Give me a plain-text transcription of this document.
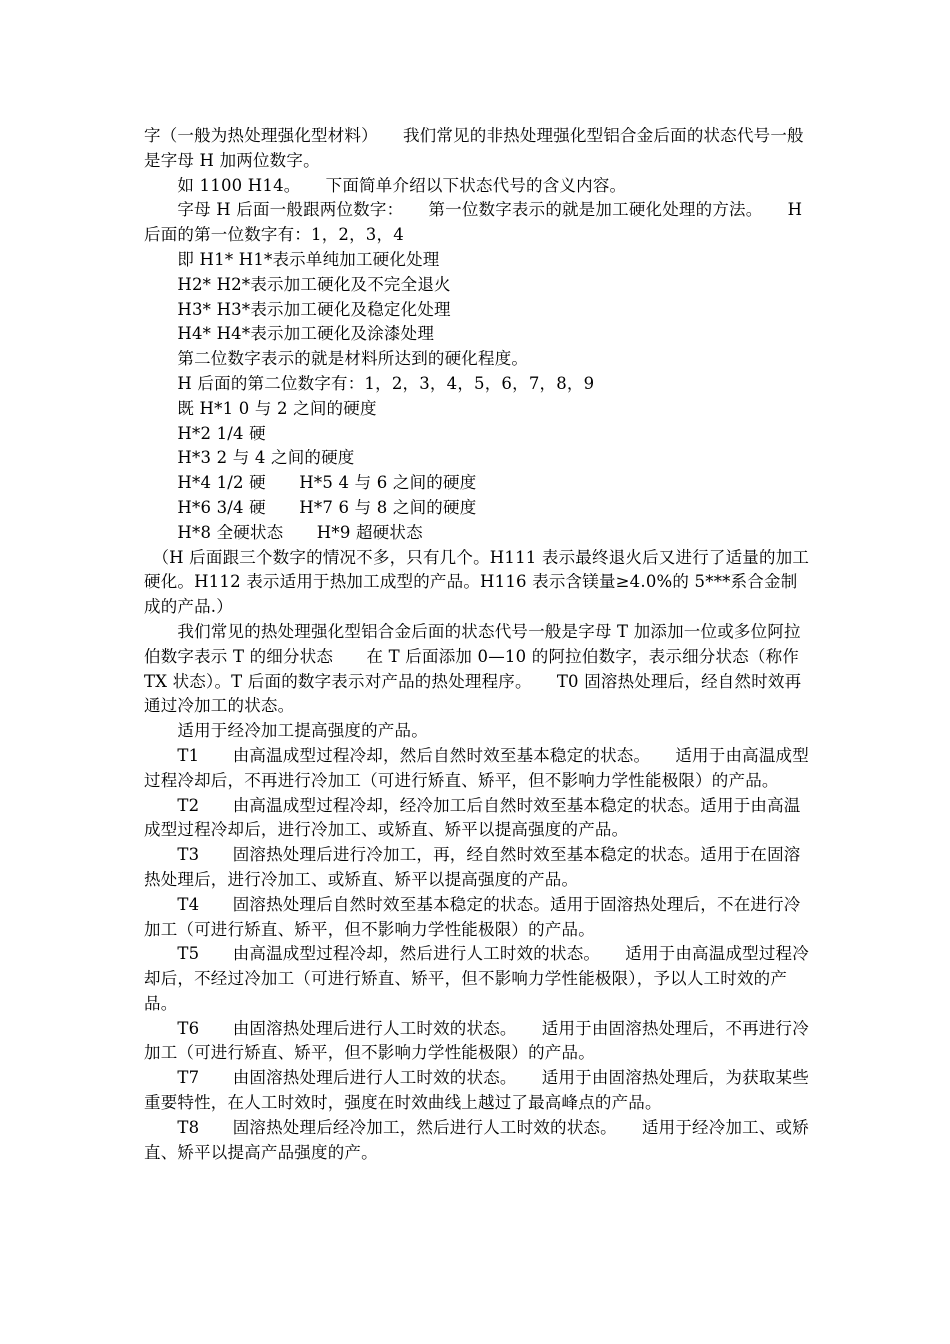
字（一般为热处理强化型材料）　　我们常见的非热处理强化型铝合金后面的状态代号一般是字母 H 加两位数字。

　　如 1100 H14。　　下面简单介绍以下状态代号的含义内容。

　　字母 H 后面一般跟两位数字：　　第一位数字表示的就是加工硬化处理的方法。　　H 后面的第一位数字有：1，2，3，4

　　即 H1* H1*表示单纯加工硬化处理

　　H2* H2*表示加工硬化及不完全退火

　　H3* H3*表示加工硬化及稳定化处理

　　H4* H4*表示加工硬化及涂漆处理

　　第二位数字表示的就是材料所达到的硬化程度。

　　H 后面的第二位数字有：1，2，3，4，5，6，7，8，9

　　既 H*1 0 与 2 之间的硬度

　　H*2 1/4 硬

　　H*3 2 与 4 之间的硬度

　　H*4 1/2 硬　　H*5 4 与 6 之间的硬度

　　H*6 3/4 硬　　H*7 6 与 8 之间的硬度

　　H*8 全硬状态　　H*9 超硬状态

　（H 后面跟三个数字的情况不多，只有几个。H111 表示最终退火后又进行了适量的加工硬化。H112 表示适用于热加工成型的产品。H116 表示含镁量≥4.0%的 5***系合金制成的产品.）

　　我们常见的热处理强化型铝合金后面的状态代号一般是字母 T 加添加一位或多位阿拉伯数字表示 T 的细分状态　　在 T 后面添加 0—10 的阿拉伯数字，表示细分状态（称作 TX 状态）。T 后面的数字表示对产品的热处理程序。　　T0 固溶热处理后，经自然时效再通过冷加工的状态。

　　适用于经冷加工提高强度的产品。

　　T1　　由高温成型过程冷却，然后自然时效至基本稳定的状态。　　适用于由高温成型过程冷却后，不再进行冷加工（可进行矫直、矫平，但不影响力学性能极限）的产品。

　　T2　　由高温成型过程冷却，经冷加工后自然时效至基本稳定的状态。适用于由高温成型过程冷却后，进行冷加工、或矫直、矫平以提高强度的产品。

　　T3　　固溶热处理后进行冷加工，再，经自然时效至基本稳定的状态。适用于在固溶热处理后，进行冷加工、或矫直、矫平以提高强度的产品。

　　T4　　固溶热处理后自然时效至基本稳定的状态。适用于固溶热处理后，不在进行冷加工（可进行矫直、矫平，但不影响力学性能极限）的产品。

　　T5　　由高温成型过程冷却，然后进行人工时效的状态。　　适用于由高温成型过程冷却后，不经过冷加工（可进行矫直、矫平，但不影响力学性能极限），予以人工时效的产品。

　　T6　　由固溶热处理后进行人工时效的状态。　　适用于由固溶热处理后，不再进行冷加工（可进行矫直、矫平，但不影响力学性能极限）的产品。

　　T7　　由固溶热处理后进行人工时效的状态。　　适用于由固溶热处理后，为获取某些重要特性，在人工时效时，强度在时效曲线上越过了最高峰点的产品。

　　T8　　固溶热处理后经冷加工，然后进行人工时效的状态。　　适用于经冷加工、或矫直、矫平以提高产品强度的产。
